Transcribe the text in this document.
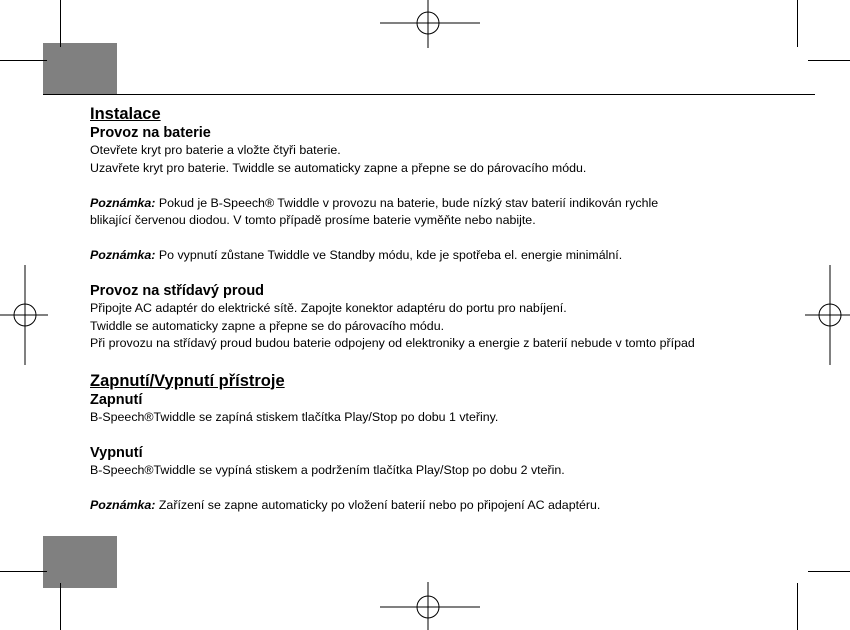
Instalace

Provoz na baterie

Otevřete kryt pro baterie a vložte čtyři baterie.

Uzavřete kryt pro baterie. Twiddle se automaticky zapne a přepne se do párovacího módu.

Poznámka: Pokud je B-Speech® Twiddle v provozu na baterie, bude nízký stav baterií indikován rychle

blikající červenou diodou. V tomto případě prosíme baterie vyměňte nebo nabijte.

Poznámka: Po vypnutí zůstane Twiddle ve Standby módu, kde je spotřeba el. energie minimální.

Provoz na střídavý proud

Připojte AC adaptér do elektrické sítě. Zapojte konektor adaptéru do portu pro nabíjení.

Twiddle se automaticky zapne a přepne se do párovacího módu.

Při provozu na střídavý proud budou baterie odpojeny od elektroniky a energie z baterií nebude v tomto případ

Zapnutí/Vypnutí přístroje

Zapnutí

B-Speech®Twiddle se zapíná stiskem tlačítka Play/Stop po dobu 1 vteřiny.

Vypnutí

B-Speech®Twiddle se vypíná stiskem a podržením tlačítka Play/Stop po dobu 2 vteřin.

Poznámka: Zařízení se zapne automaticky po vložení baterií nebo po připojení AC adaptéru.
